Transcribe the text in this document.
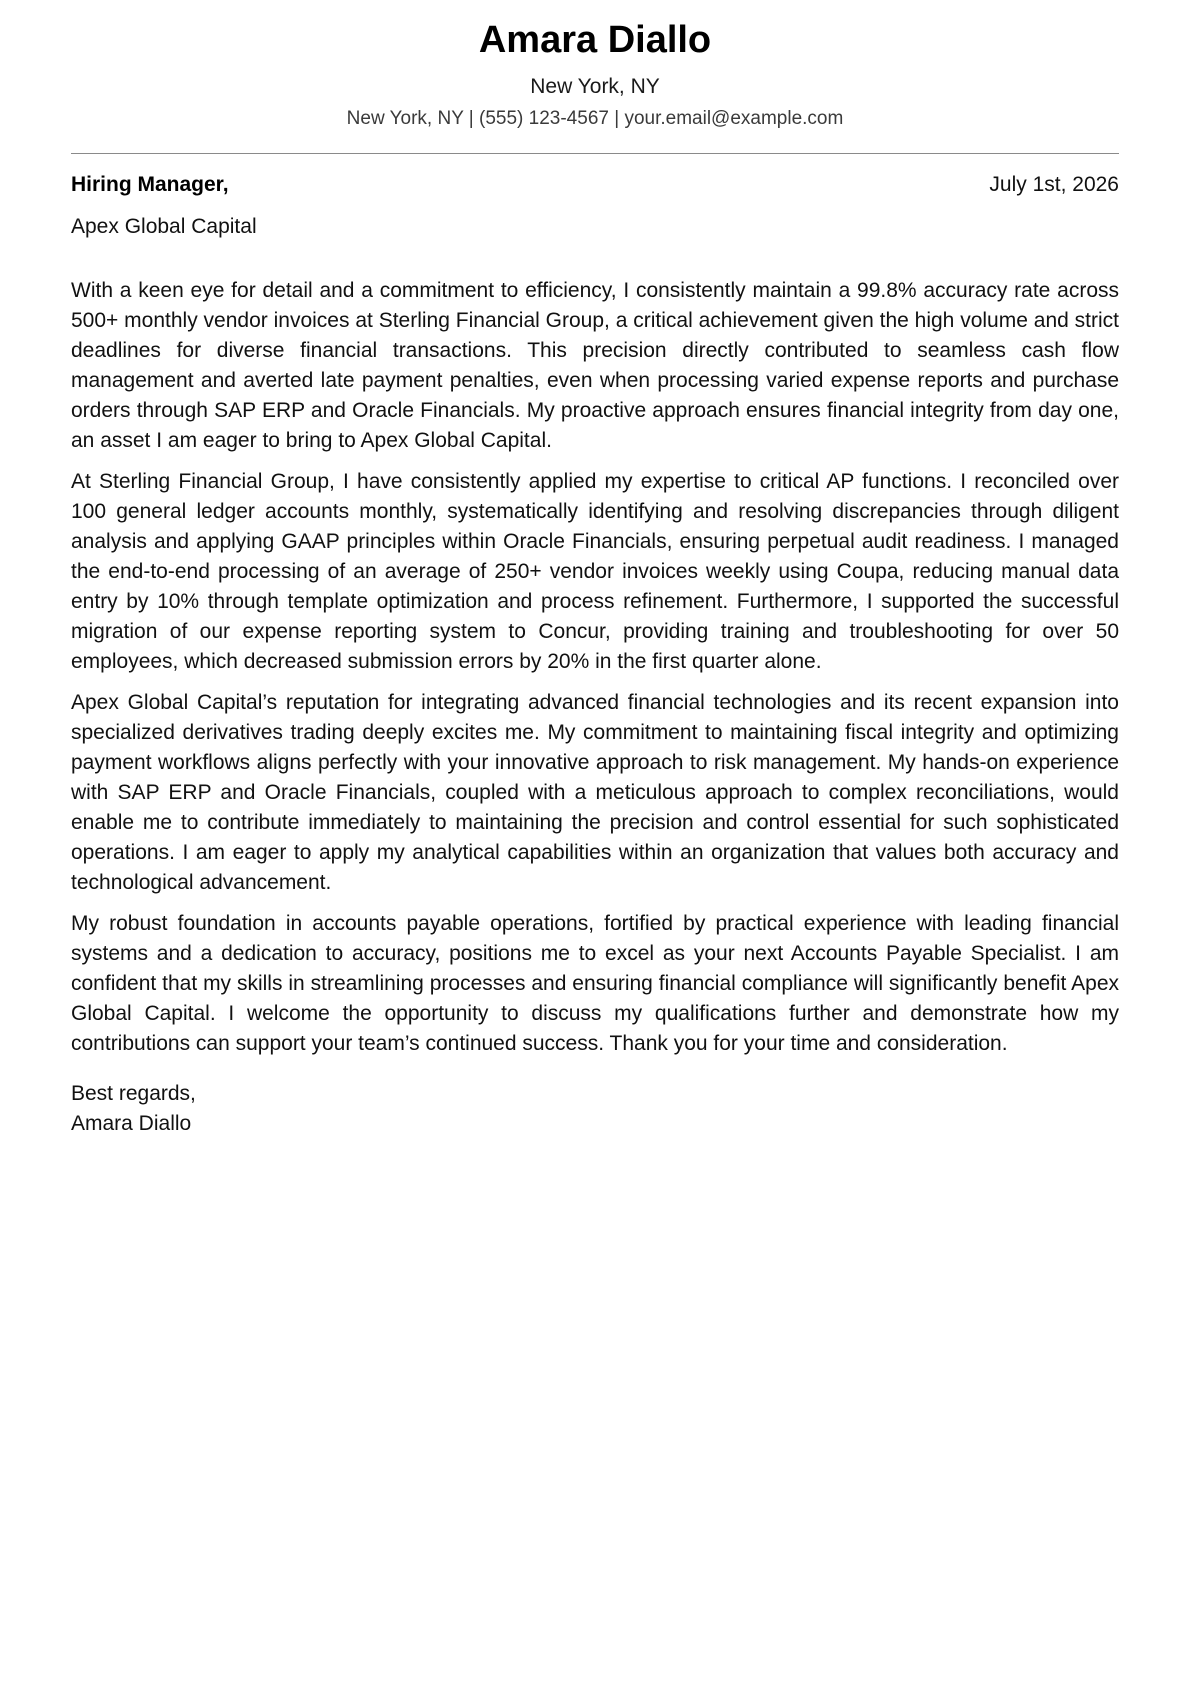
Amara Diallo
New York, NY
New York, NY | (555) 123-4567 | your.email@example.com
Hiring Manager,	July 1st, 2026
Apex Global Capital

With a keen eye for detail and a commitment to efficiency, I consistently maintain a 99.8% accuracy rate across 500+ monthly vendor invoices at Sterling Financial Group, a critical achievement given the high volume and strict deadlines for diverse financial transactions. This precision directly contributed to seamless cash flow management and averted late payment penalties, even when processing varied expense reports and purchase orders through SAP ERP and Oracle Financials. My proactive approach ensures financial integrity from day one, an asset I am eager to bring to Apex Global Capital.

At Sterling Financial Group, I have consistently applied my expertise to critical AP functions. I reconciled over 100 general ledger accounts monthly, systematically identifying and resolving discrepancies through diligent analysis and applying GAAP principles within Oracle Financials, ensuring perpetual audit readiness. I managed the end-to-end processing of an average of 250+ vendor invoices weekly using Coupa, reducing manual data entry by 10% through template optimization and process refinement. Furthermore, I supported the successful migration of our expense reporting system to Concur, providing training and troubleshooting for over 50 employees, which decreased submission errors by 20% in the first quarter alone.

Apex Global Capital’s reputation for integrating advanced financial technologies and its recent expansion into specialized derivatives trading deeply excites me. My commitment to maintaining fiscal integrity and optimizing payment workflows aligns perfectly with your innovative approach to risk management. My hands-on experience with SAP ERP and Oracle Financials, coupled with a meticulous approach to complex reconciliations, would enable me to contribute immediately to maintaining the precision and control essential for such sophisticated operations. I am eager to apply my analytical capabilities within an organization that values both accuracy and technological advancement.

My robust foundation in accounts payable operations, fortified by practical experience with leading financial systems and a dedication to accuracy, positions me to excel as your next Accounts Payable Specialist. I am confident that my skills in streamlining processes and ensuring financial compliance will significantly benefit Apex Global Capital. I welcome the opportunity to discuss my qualifications further and demonstrate how my contributions can support your team’s continued success. Thank you for your time and consideration.

Best regards,
Amara Diallo
